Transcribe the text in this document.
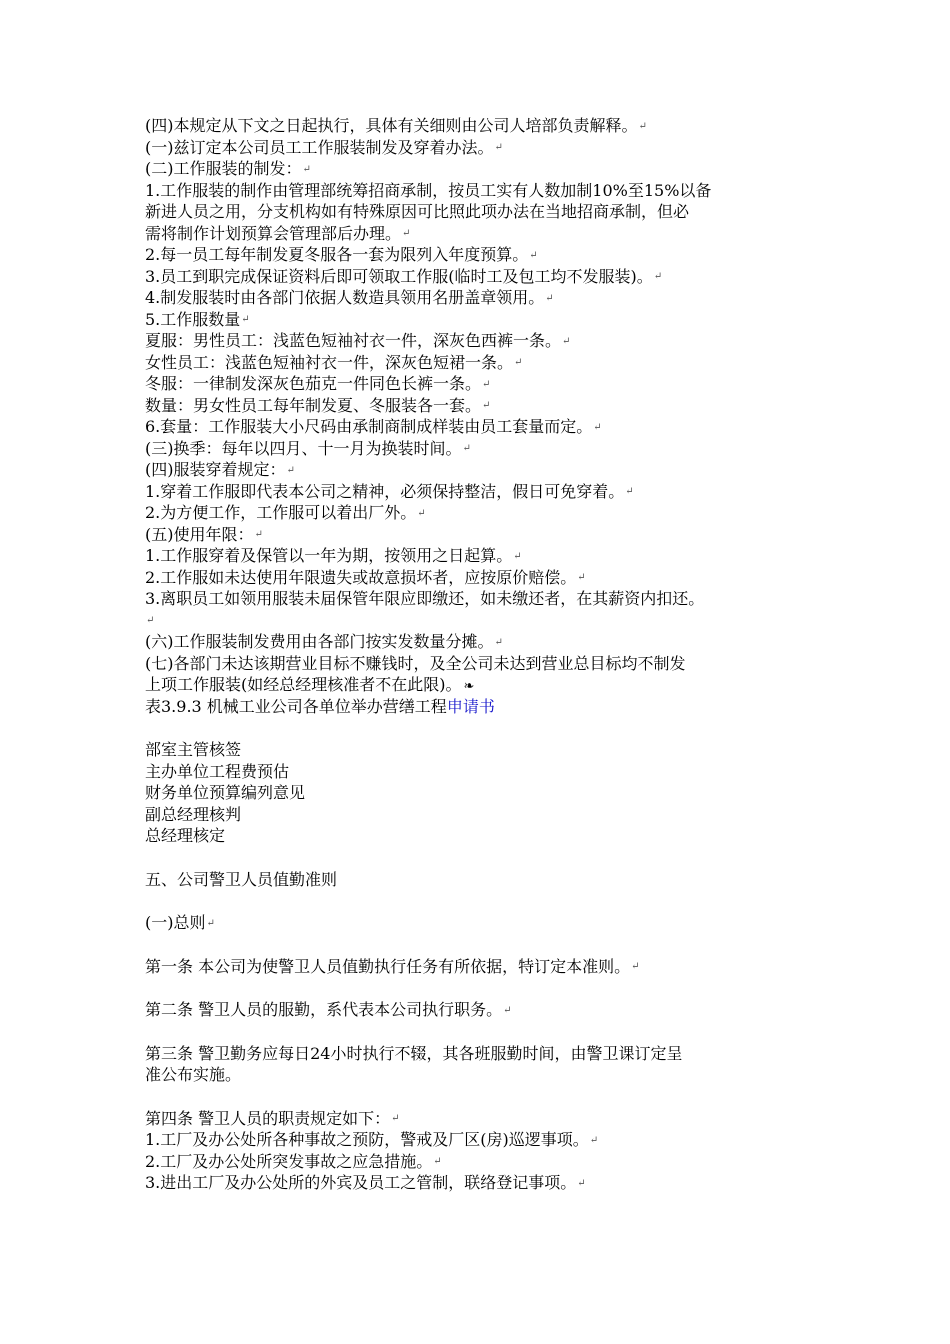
(四)本规定从下文之日起执行，具体有关细则由公司人培部负责解释。↵
(一)兹订定本公司员工工作服装制发及穿着办法。↵
(二)工作服装的制发：↵
1.工作服装的制作由管理部统筹招商承制，按员工实有人数加制10%至15%以备
新进人员之用，分支机构如有特殊原因可比照此项办法在当地招商承制，但必
需将制作计划预算会管理部后办理。↵
2.每一员工每年制发夏冬服各一套为限列入年度预算。↵
3.员工到职完成保证资料后即可领取工作服(临时工及包工均不发服装)。↵
4.制发服装时由各部门依据人数造具领用名册盖章领用。↵
5.工作服数量↵
夏服：男性员工：浅蓝色短袖衬衣一件，深灰色西裤一条。↵
女性员工：浅蓝色短袖衬衣一件，深灰色短裙一条。↵
冬服：一律制发深灰色茄克一件同色长裤一条。↵
数量：男女性员工每年制发夏、冬服装各一套。↵
6.套量：工作服装大小尺码由承制商制成样装由员工套量而定。↵
(三)换季：每年以四月、十一月为换装时间。↵
(四)服装穿着规定：↵
1.穿着工作服即代表本公司之精神，必须保持整洁，假日可免穿着。↵
2.为方便工作，工作服可以着出厂外。↵
(五)使用年限：↵
1.工作服穿着及保管以一年为期，按领用之日起算。↵
2.工作服如未达使用年限遗失或故意损坏者，应按原价赔偿。↵
3.离职员工如领用服装未届保管年限应即缴还，如未缴还者，在其薪资内扣还。
↵
(六)工作服装制发费用由各部门按实发数量分摊。↵
(七)各部门未达该期营业目标不赚钱时，及全公司未达到营业总目标均不制发
上项工作服装(如经总经理核准者不在此限)。 ❧
表3.9.3 机械工业公司各单位举办营缮工程申请书
部室主管核签
主办单位工程费预估
财务单位预算编列意见
副总经理核判
总经理核定
五、公司警卫人员值勤准则
(一)总则↵
第一条 本公司为使警卫人员值勤执行任务有所依据，特订定本准则。↵
第二条 警卫人员的服勤，系代表本公司执行职务。↵
第三条 警卫勤务应每日24小时执行不辍，其各班服勤时间，由警卫课订定呈
准公布实施。
第四条 警卫人员的职责规定如下：↵
1.工厂及办公处所各种事故之预防，警戒及厂区(房)巡逻事项。↵
2.工厂及办公处所突发事故之应急措施。↵
3.进出工厂及办公处所的外宾及员工之管制，联络登记事项。↵
